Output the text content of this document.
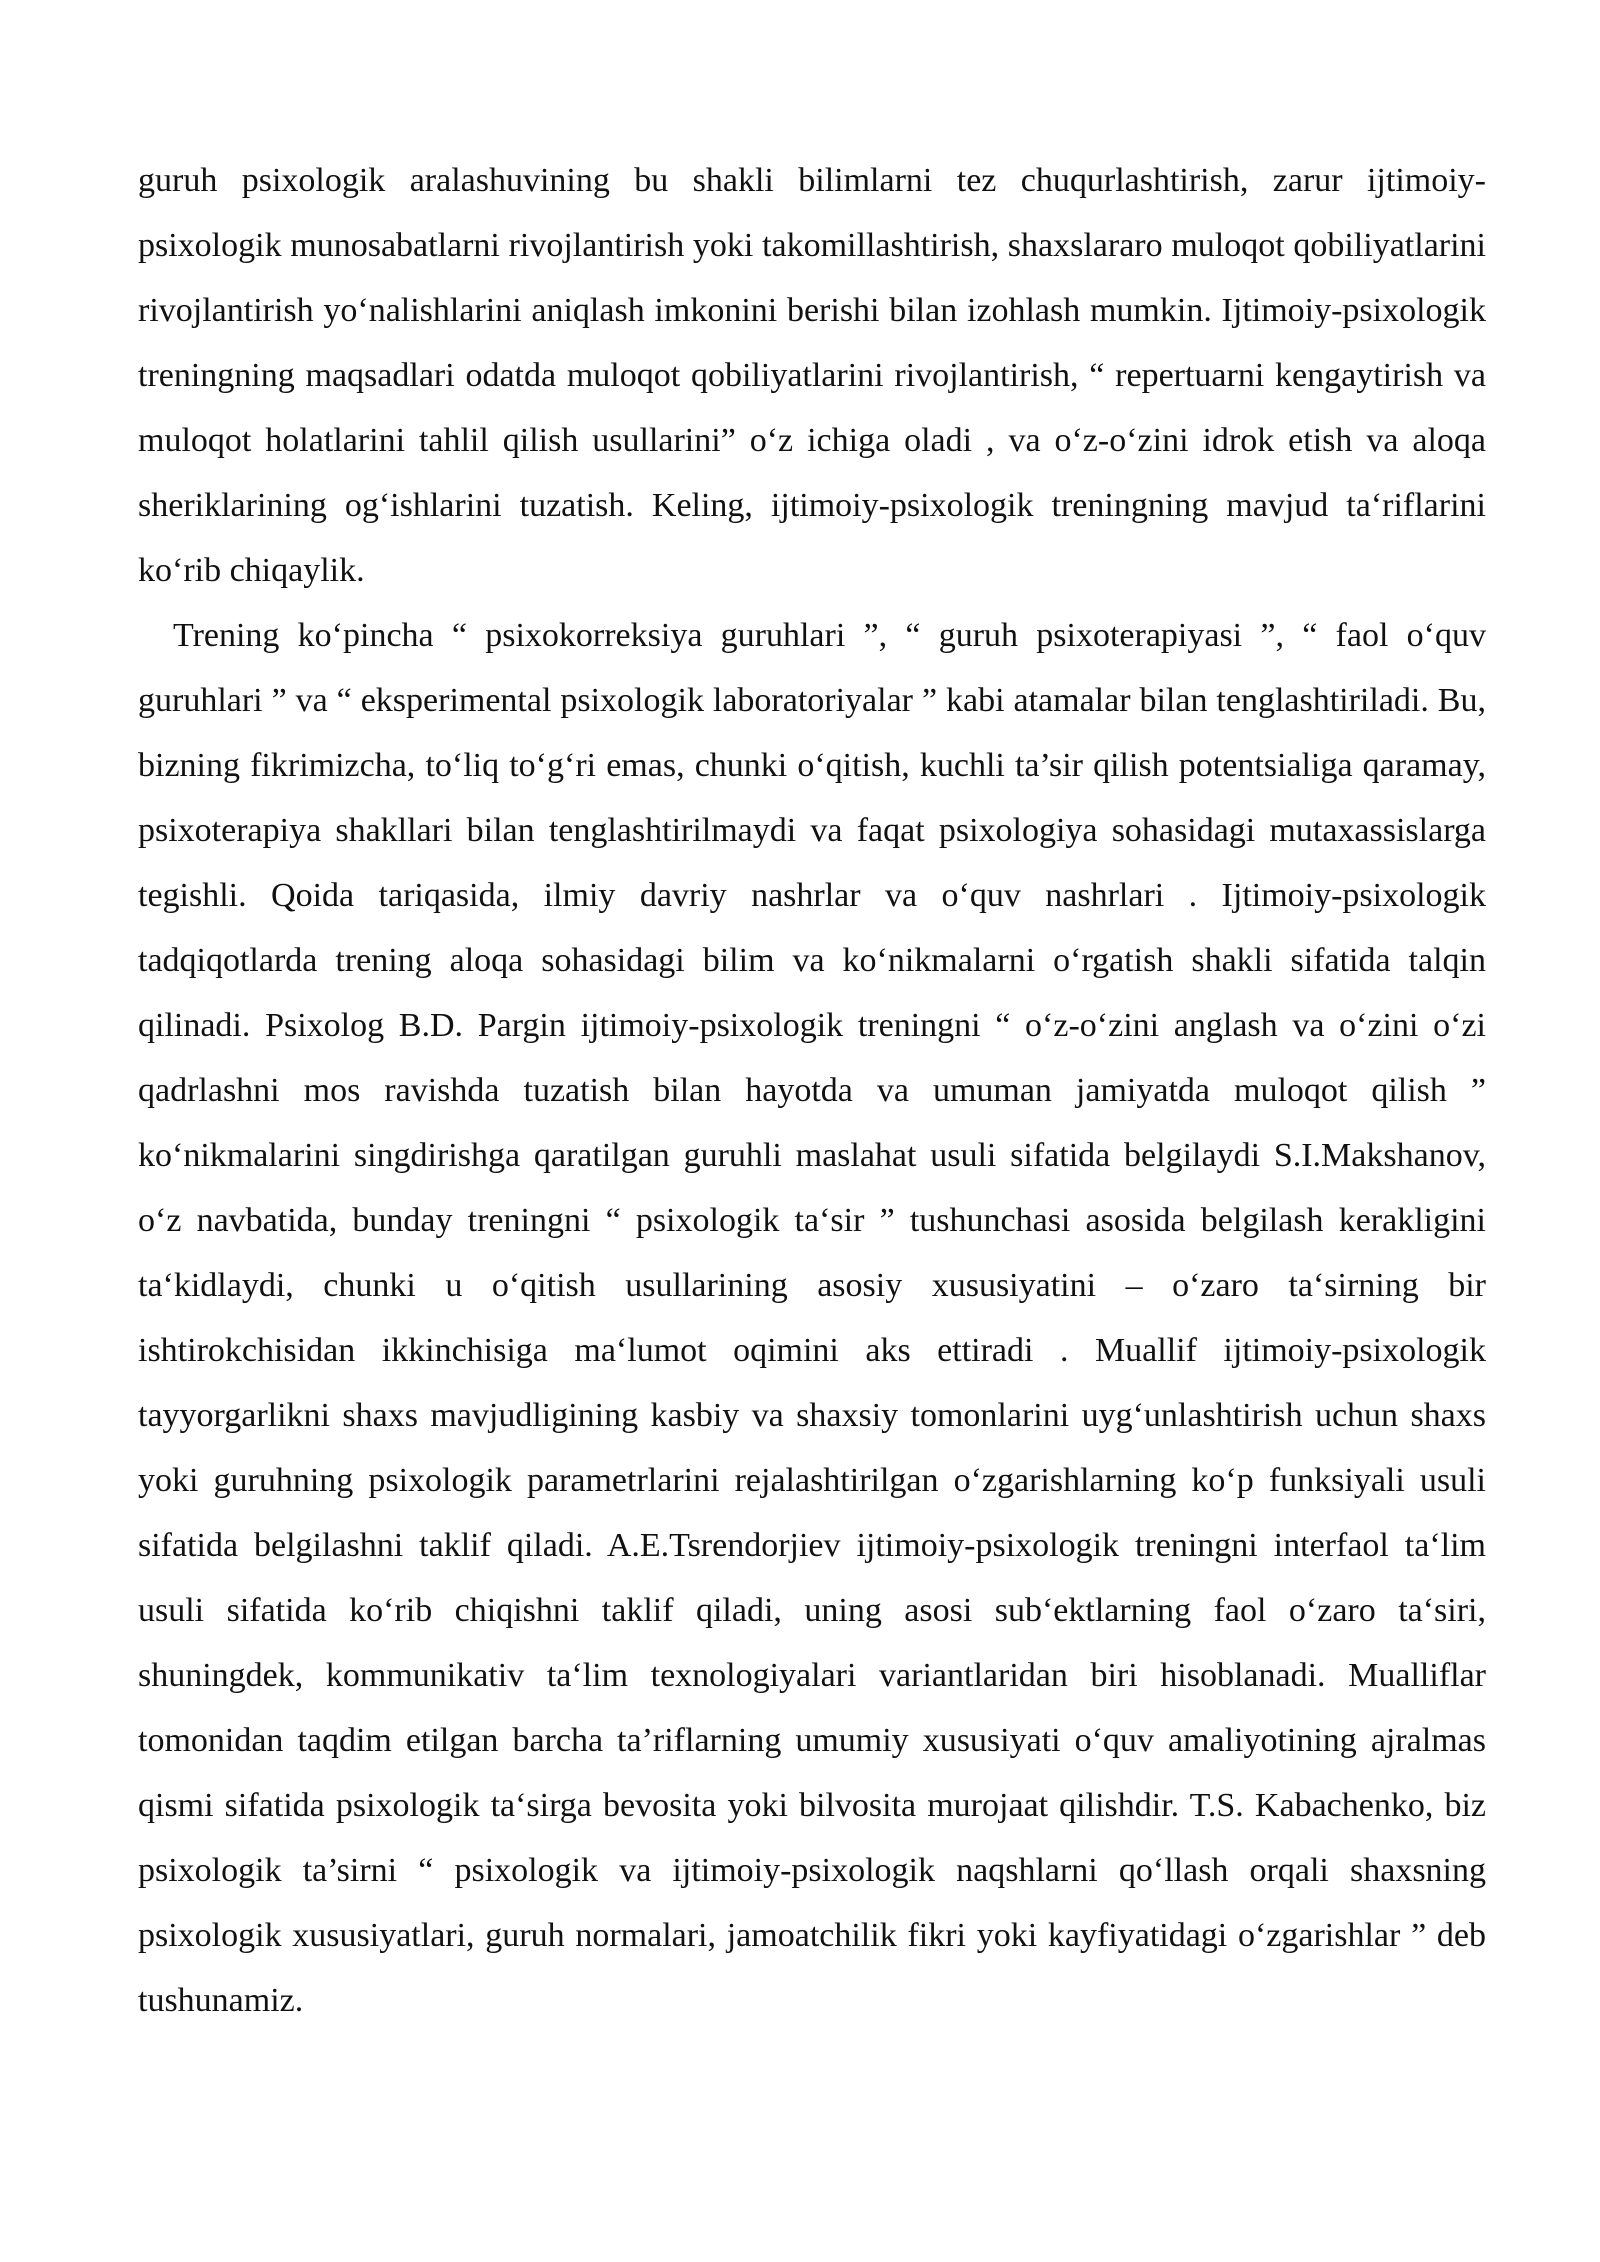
guruh psixologik aralashuvining bu shakli bilimlarni tez chuqurlashtirish, zarur ijtimoiy-psixologik munosabatlarni rivojlantirish yoki takomillashtirish, shaxslararo muloqot qobiliyatlarini rivojlantirish yo‘nalishlarini aniqlash imkonini berishi bilan izohlash mumkin. Ijtimoiy-psixologik treningning maqsadlari odatda muloqot qobiliyatlarini rivojlantirish, “ repertuarni kengaytirish va muloqot holatlarini tahlil qilish usullarini” o‘z ichiga oladi , va o‘z-o‘zini idrok etish va aloqa sheriklarining og‘ishlarini tuzatish. Keling, ijtimoiy-psixologik treningning mavjud ta‘riflarini ko‘rib chiqaylik.

Trening ko‘pincha “ psixokorreksiya guruhlari ”, “ guruh psixoterapiyasi ”, “ faol o‘quv guruhlari ” va “ eksperimental psixologik laboratoriyalar ” kabi atamalar bilan tenglashtiriladi. Bu, bizning fikrimizcha, to‘liq to‘g‘ri emas, chunki o‘qitish, kuchli ta’sir qilish potentsialiga qaramay, psixoterapiya shakllari bilan tenglashtirilmaydi va faqat psixologiya sohasidagi mutaxassislarga tegishli. Qoida tariqasida, ilmiy davriy nashrlar va o‘quv nashrlari . Ijtimoiy-psixologik tadqiqotlarda trening aloqa sohasidagi bilim va ko‘nikmalarni o‘rgatish shakli sifatida talqin qilinadi. Psixolog B.D. Pargin ijtimoiy-psixologik treningni “ o‘z-o‘zini anglash va o‘zini o‘zi qadrlashni mos ravishda tuzatish bilan hayotda va umuman jamiyatda muloqot qilish ” ko‘nikmalarini singdirishga qaratilgan guruhli maslahat usuli sifatida belgilaydi S.I.Makshanov, o‘z navbatida, bunday treningni “ psixologik ta‘sir ” tushunchasi asosida belgilash kerakligini ta‘kidlaydi, chunki u o‘qitish usullarining asosiy xususiyatini – o‘zaro ta‘sirning bir ishtirokchisidan ikkinchisiga ma‘lumot oqimini aks ettiradi . Muallif ijtimoiy-psixologik tayyorgarlikni shaxs mavjudligining kasbiy va shaxsiy tomonlarini uyg‘unlashtirish uchun shaxs yoki guruhning psixologik parametrlarini rejalashtirilgan o‘zgarishlarning ko‘p funksiyali usuli sifatida belgilashni taklif qiladi. A.E.Tsrendorjiev ijtimoiy-psixologik treningni interfaol ta‘lim usuli sifatida ko‘rib chiqishni taklif qiladi, uning asosi sub‘ektlarning faol o‘zaro ta‘siri, shuningdek, kommunikativ ta‘lim texnologiyalari variantlaridan biri hisoblanadi. Mualliflar tomonidan taqdim etilgan barcha ta’riflarning umumiy xususiyati o‘quv amaliyotining ajralmas qismi sifatida psixologik ta‘sirga bevosita yoki bilvosita murojaat qilishdir. T.S. Kabachenko, biz psixologik ta’sirni “ psixologik va ijtimoiy-psixologik naqshlarni qo‘llash orqali shaxsning psixologik xususiyatlari, guruh normalari, jamoatchilik fikri yoki kayfiyatidagi o‘zgarishlar ” deb tushunamiz.
